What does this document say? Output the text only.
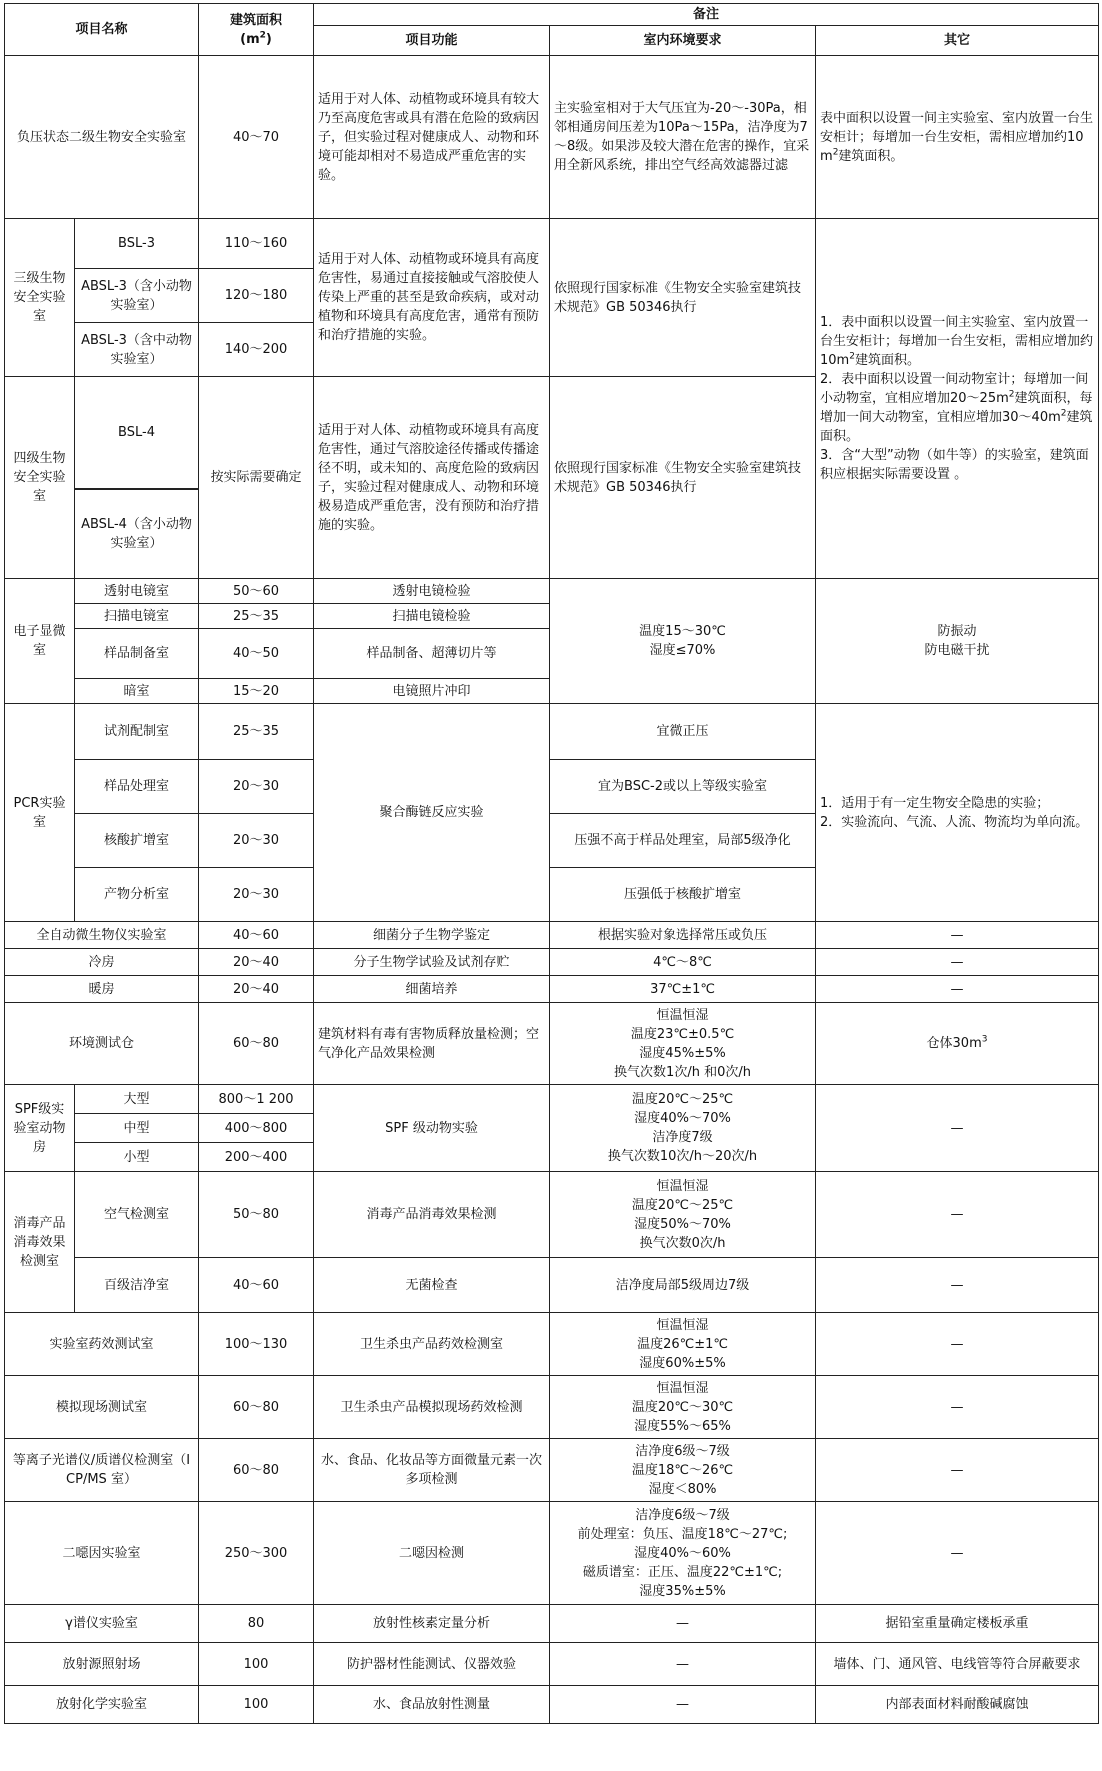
项目名称		建筑面积
$(m^2)$	备注		
			项目功能	室内环境要求	其它
负压状态二级生物安全实验室		40～70	适用于对人体、动植物或环境具有较大乃至高度危害或具有潜在危险的致病因子，但实验过程对健康成人、动物和环境可能却相对不易造成严重危害的实验。	主实验室相对于大气压宜为-20～-30Pa，相邻相通房间压差为10Pa～15Pa，洁净度为7～8级。如果涉及较大潜在危害的操作，宜采用全新风系统，排出空气经高效滤器过滤	表中面积以设置一间主实验室、室内放置一台生安柜计；每增加一台生安柜，需相应增加约$10m^2$建筑面积。
三级生物安全实验室	BSL-3	110～160	适用于对人体、动植物或环境具有高度危害性，易通过直接接触或气溶胶使人传染上严重的甚至是致命疾病，或对动植物和环境具有高度危害，通常有预防和治疗措施的实验。	依照现行国家标准《生物安全实验室建筑技术规范》GB 50346执行	1．表中面积以设置一间主实验室、室内放置一台生安柜计；每增加一台生安柜，需相应增加约$10m^2$建筑面积。
2．表中面积以设置一间动物室计；每增加一间小动物室，宜相应增加$20\sim 25m^2$建筑面积，每增加一间大动物室，宜相应增加$30\sim 40m^2$建筑面积。
3．含“大型”动物（如牛等）的实验室，建筑面积应根据实际需要设置 。
	ABSL-3（含小动物实验室）	120～180			
	ABSL-3（含中动物实验室）	140～200			
四级生物安全实验室	BSL-4	按实际需要确定	适用于对人体、动植物或环境具有高度危害性，通过气溶胶途径传播或传播途径不明，或未知的、高度危险的致病因子，实验过程对健康成人、动物和环境极易造成严重危害，没有预防和治疗措施的实验。	依照现行国家标准《生物安全实验室建筑技术规范》GB 50346执行	

	ABSL-4（含小动物实验室）				
电子显微室	透射电镜室	50～60	透射电镜检验	温度15～30℃
湿度≤70%	防振动
防电磁干扰
	扫描电镜室	25～35	扫描电镜检验		
	样品制备室	40～50	样品制备、超薄切片等		
	暗室	15～20	电镜照片冲印		
PCR实验室	试剂配制室	25～35	聚合酶链反应实验	宜微正压	1．适用于有一定生物安全隐患的实验；
2．实验流向、气流、人流、物流均为单向流。
	样品处理室	20～30		宜为BSC-2或以上等级实验室	
	核酸扩增室	20～30		压强不高于样品处理室，局部5级净化	
	产物分析室	20～30		压强低于核酸扩增室	
全自动微生物仪实验室		40～60	细菌分子生物学鉴定	根据实验对象选择常压或负压	—
冷房		20～40	分子生物学试验及试剂存贮	4℃～8℃	—
暖房		20～40	细菌培养	37℃±1℃	—
环境测试仓		60～80	建筑材料有毒有害物质释放量检测；空气净化产品效果检测	恒温恒湿
温度23℃±0.5℃
湿度45%±5%
换气次数1次/h 和0次/h	仓体$30m^3$
SPF级实验室动物房	大型	800～1 200	SPF 级动物实验	温度20℃～25℃
湿度40%～70%
洁净度7级
换气次数10次/h～20次/h	—
	中型	400～800			
	小型	200～400			
消毒产品消毒效果检测室	空气检测室	50～80	消毒产品消毒效果检测	恒温恒湿
温度20℃～25℃
湿度50%～70%
换气次数0次/h	—
	百级洁净室	40～60	无菌检查	洁净度局部5级周边7级	—
实验室药效测试室		100～130	卫生杀虫产品药效检测室	恒温恒湿
温度26℃±1℃
湿度60%±5%	—
模拟现场测试室		60～80	卫生杀虫产品模拟现场药效检测	恒温恒湿
温度20℃～30℃
湿度55%～65%	—
等离子光谱仪/质谱仪检测室（ICP/MS 室）		60～80	水、食品、化妆品等方面微量元素一次多项检测	洁净度6级～7级
温度18℃～26℃
湿度＜80%	—
二噁因实验室		250～300	二噁因检测	洁净度6级～7级
前处理室：负压、温度18℃～27℃;
湿度40%～60%
磁质谱室：正压、温度22℃±1℃;
湿度35%±5%	—
γ谱仪实验室		80	放射性核素定量分析	—	据铅室重量确定楼板承重
放射源照射场		100	防护器材性能测试、仪器效验	—	墙体、门、通风管、电线管等符合屏蔽要求
放射化学实验室		100	水、食品放射性测量	—	内部表面材料耐酸碱腐蚀
